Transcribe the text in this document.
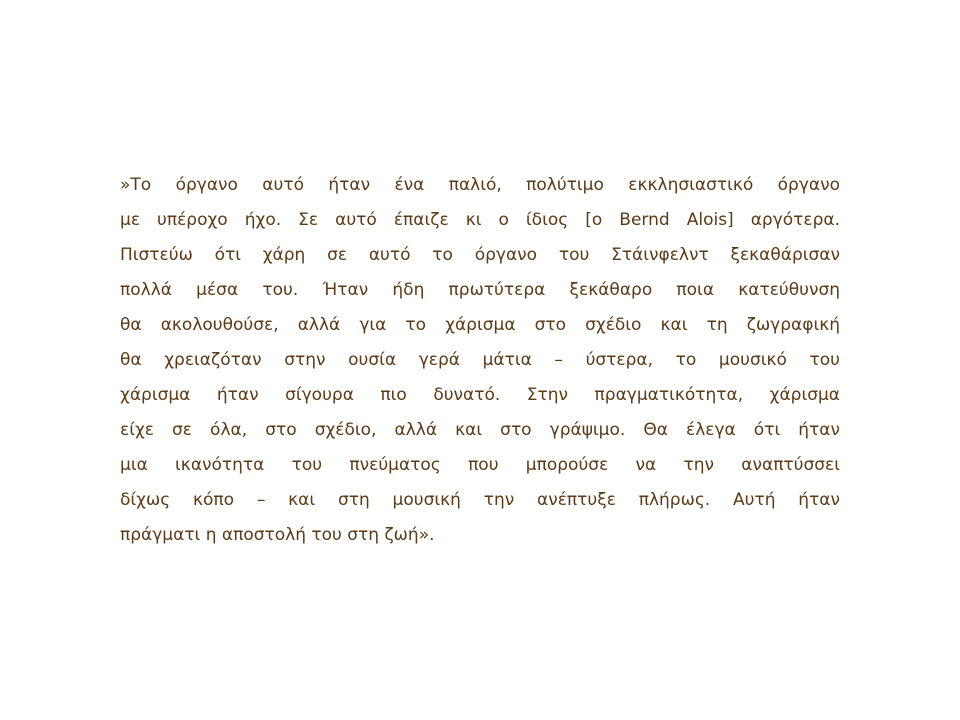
»Το όργανο αυτό ήταν ένα παλιό, πολύτιμο εκκλησιαστικό όργανο
με υπέροχο ήχο. Σε αυτό έπαιζε κι ο ίδιος [ο Bernd Alois] αργότερα.
Πιστεύω ότι χάρη σε αυτό το όργανο του Στάινφελντ ξεκαθάρισαν
πολλά μέσα του. Ήταν ήδη πρωτύτερα ξεκάθαρο ποια κατεύθυνση
θα ακολουθούσε, αλλά για το χάρισμα στο σχέδιο και τη ζωγραφική
θα χρειαζόταν στην ουσία γερά μάτια – ύστερα, το μουσικό του
χάρισμα ήταν σίγουρα πιο δυνατό. Στην πραγματικότητα, χάρισμα
είχε σε όλα, στο σχέδιο, αλλά και στο γράψιμο. Θα έλεγα ότι ήταν
μια ικανότητα του πνεύματος που μπορούσε να την αναπτύσσει
δίχως κόπο – και στη μουσική την ανέπτυξε πλήρως. Αυτή ήταν
πράγματι η αποστολή του στη ζωή».
